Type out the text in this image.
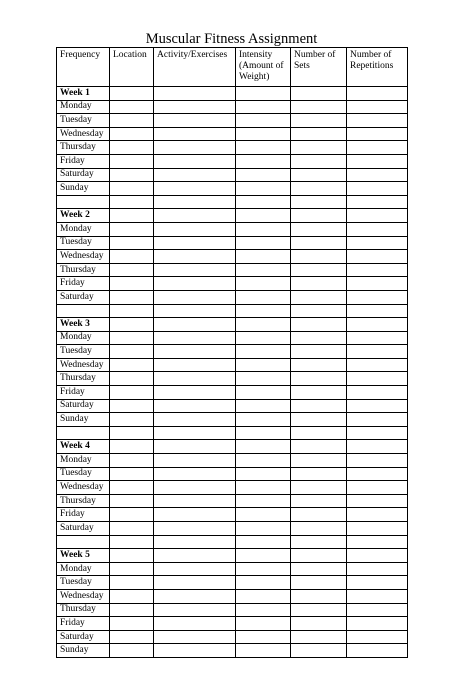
Muscular Fitness Assignment
Frequency	Location	Activity/Exercises	Intensity (Amount of Weight)	Number of Sets	Number of Repetitions
Week 1					
Monday					
Tuesday					
Wednesday					
Thursday					
Friday					
Saturday					
Sunday					

Week 2					
Monday					
Tuesday					
Wednesday					
Thursday					
Friday					
Saturday					

Week 3					
Monday					
Tuesday					
Wednesday					
Thursday					
Friday					
Saturday					
Sunday					

Week 4					
Monday					
Tuesday					
Wednesday					
Thursday					
Friday					
Saturday					

Week 5					
Monday					
Tuesday					
Wednesday					
Thursday					
Friday					
Saturday					
Sunday					
